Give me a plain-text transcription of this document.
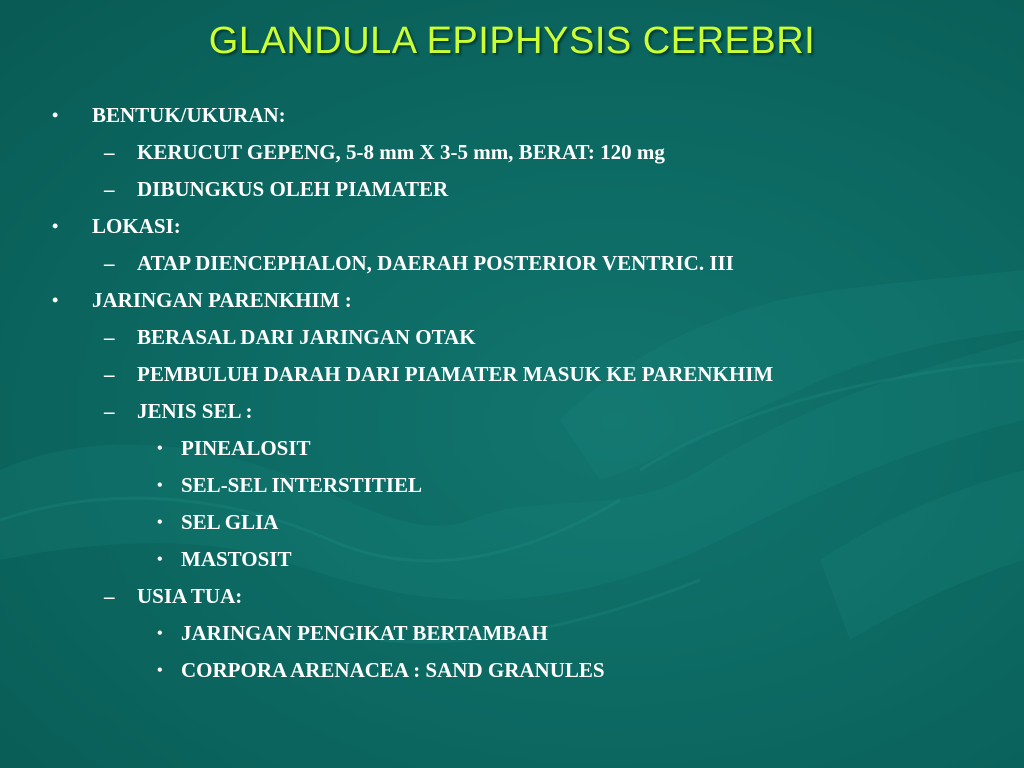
GLANDULA EPIPHYSIS CEREBRI
• BENTUK/UKURAN:
– KERUCUT GEPENG, 5-8 mm X 3-5 mm, BERAT: 120 mg
– DIBUNGKUS OLEH PIAMATER
• LOKASI:
– ATAP DIENCEPHALON, DAERAH POSTERIOR VENTRIC. III
• JARINGAN PARENKHIM :
– BERASAL DARI JARINGAN OTAK
– PEMBULUH DARAH DARI PIAMATER MASUK KE PARENKHIM
– JENIS SEL :
• PINEALOSIT
• SEL-SEL INTERSTITIEL
• SEL GLIA
• MASTOSIT
– USIA TUA:
• JARINGAN PENGIKAT BERTAMBAH
• CORPORA ARENACEA : SAND GRANULES
